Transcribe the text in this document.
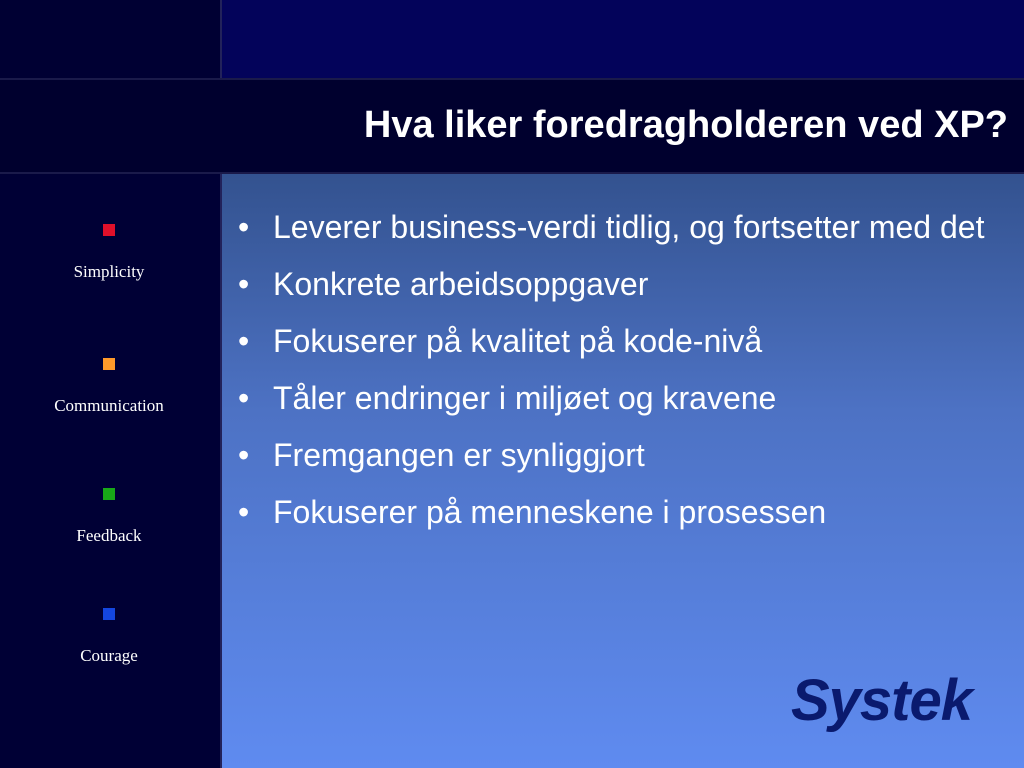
Hva liker foredragholderen ved XP?
Simplicity
Communication
Feedback
Courage
• Leverer business-verdi tidlig, og fortsetter med det
• Konkrete arbeidsoppgaver
• Fokuserer på kvalitet på kode-nivå
• Tåler endringer i miljøet og kravene
• Fremgangen er synliggjort
• Fokuserer på menneskene i prosessen
Systek
